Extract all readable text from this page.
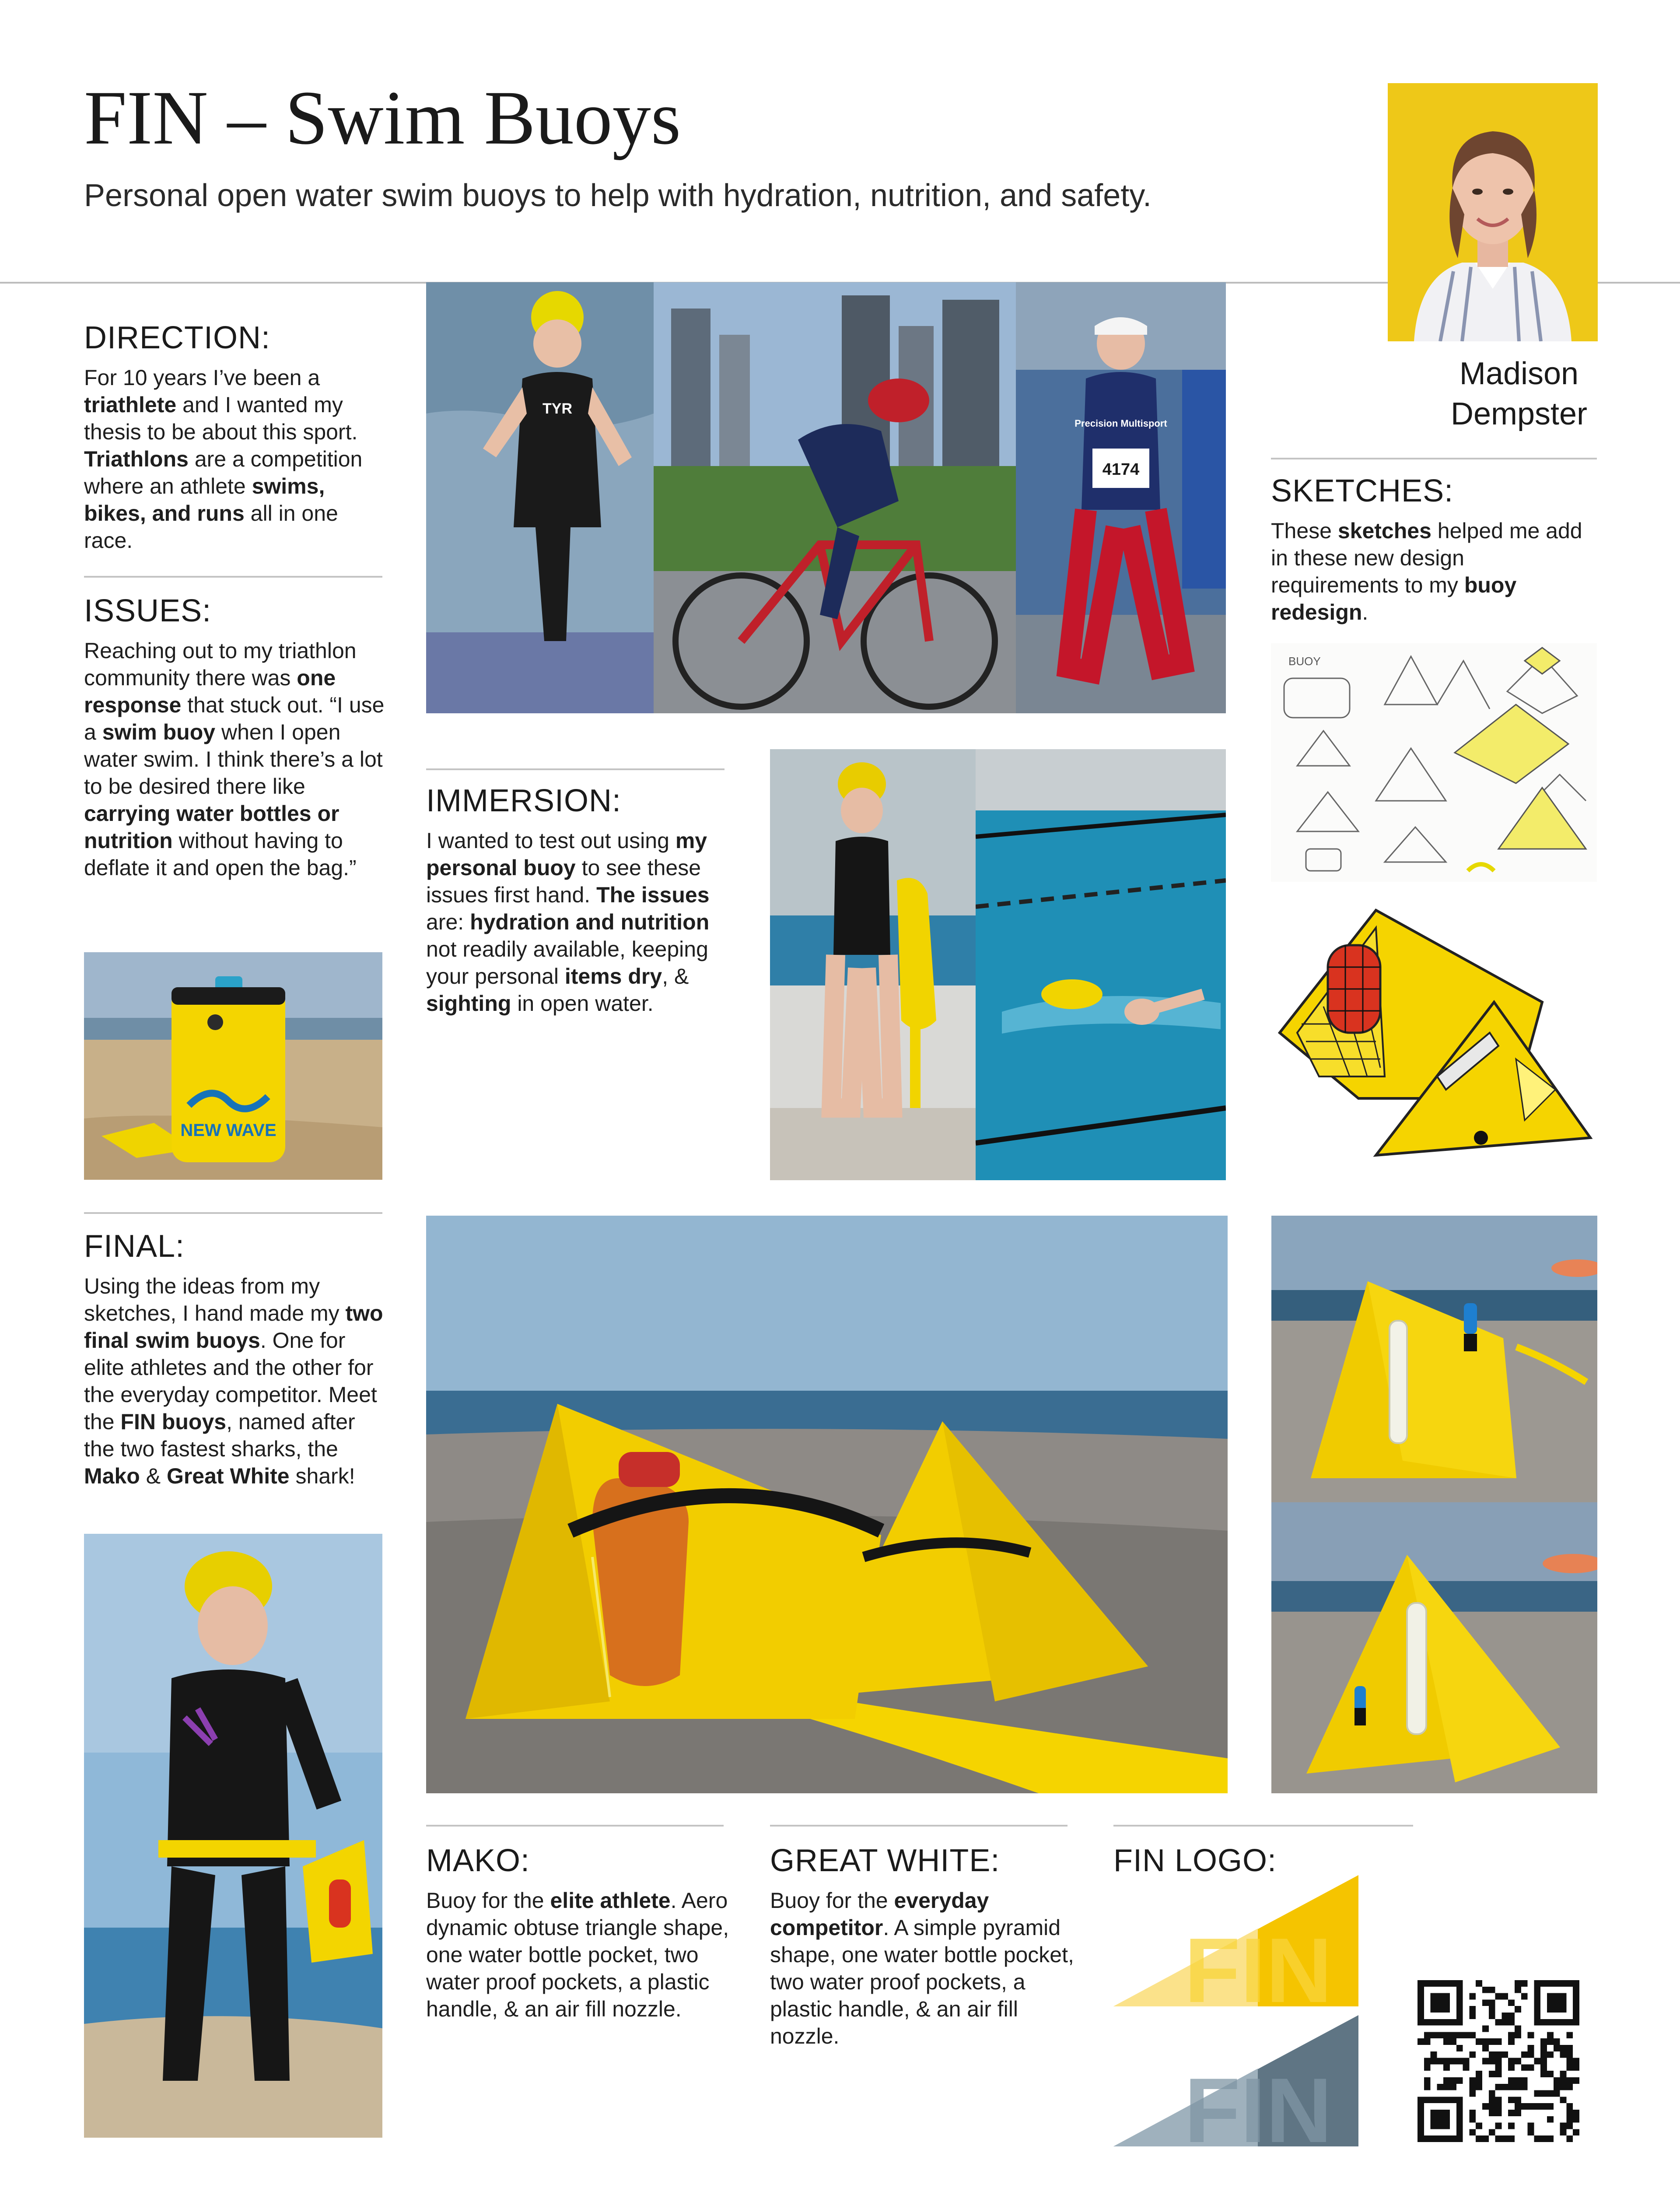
FIN – Swim Buoys
Personal open water swim buoys to help with hydration, nutrition, and safety.
Madison
Dempster
DIRECTION:
For 10 years I’ve been a triathlete and I wanted my thesis to be about this sport. Triathlons are a competition where an athlete swims, bikes, and runs all in one race.
ISSUES:
Reaching out to my triathlon community there was one response that stuck out. “I use a swim buoy when I open water swim. I think there’s a lot to be desired there like carrying water bottles or nutrition without having to deflate it and open the bag.”
NEW WAVE
TYR
Precision Multisport
4174
IMMERSION:
I wanted to test out using my personal buoy to see these issues first hand. The issues are: hydration and nutrition not readily available, keeping your personal items dry, & sighting in open water.
SKETCHES:
These sketches helped me add in these new design requirements to my buoy redesign.
BUOY
FINAL:
Using the ideas from my sketches, I hand made my two final swim buoys. One for elite athletes and the other for the everyday competitor. Meet the FIN buoys, named after the two fastest sharks, the Mako & Great White shark!
MAKO:
Buoy for the elite athlete. Aero dynamic obtuse triangle shape, one water bottle pocket, two water proof pockets, a plastic handle, & an air fill nozzle.
GREAT WHITE:
Buoy for the everyday competitor. A simple pyramid shape, one water bottle pocket, two water proof pockets, a plastic handle, & an air fill nozzle.
FIN LOGO:
FIN
FIN
